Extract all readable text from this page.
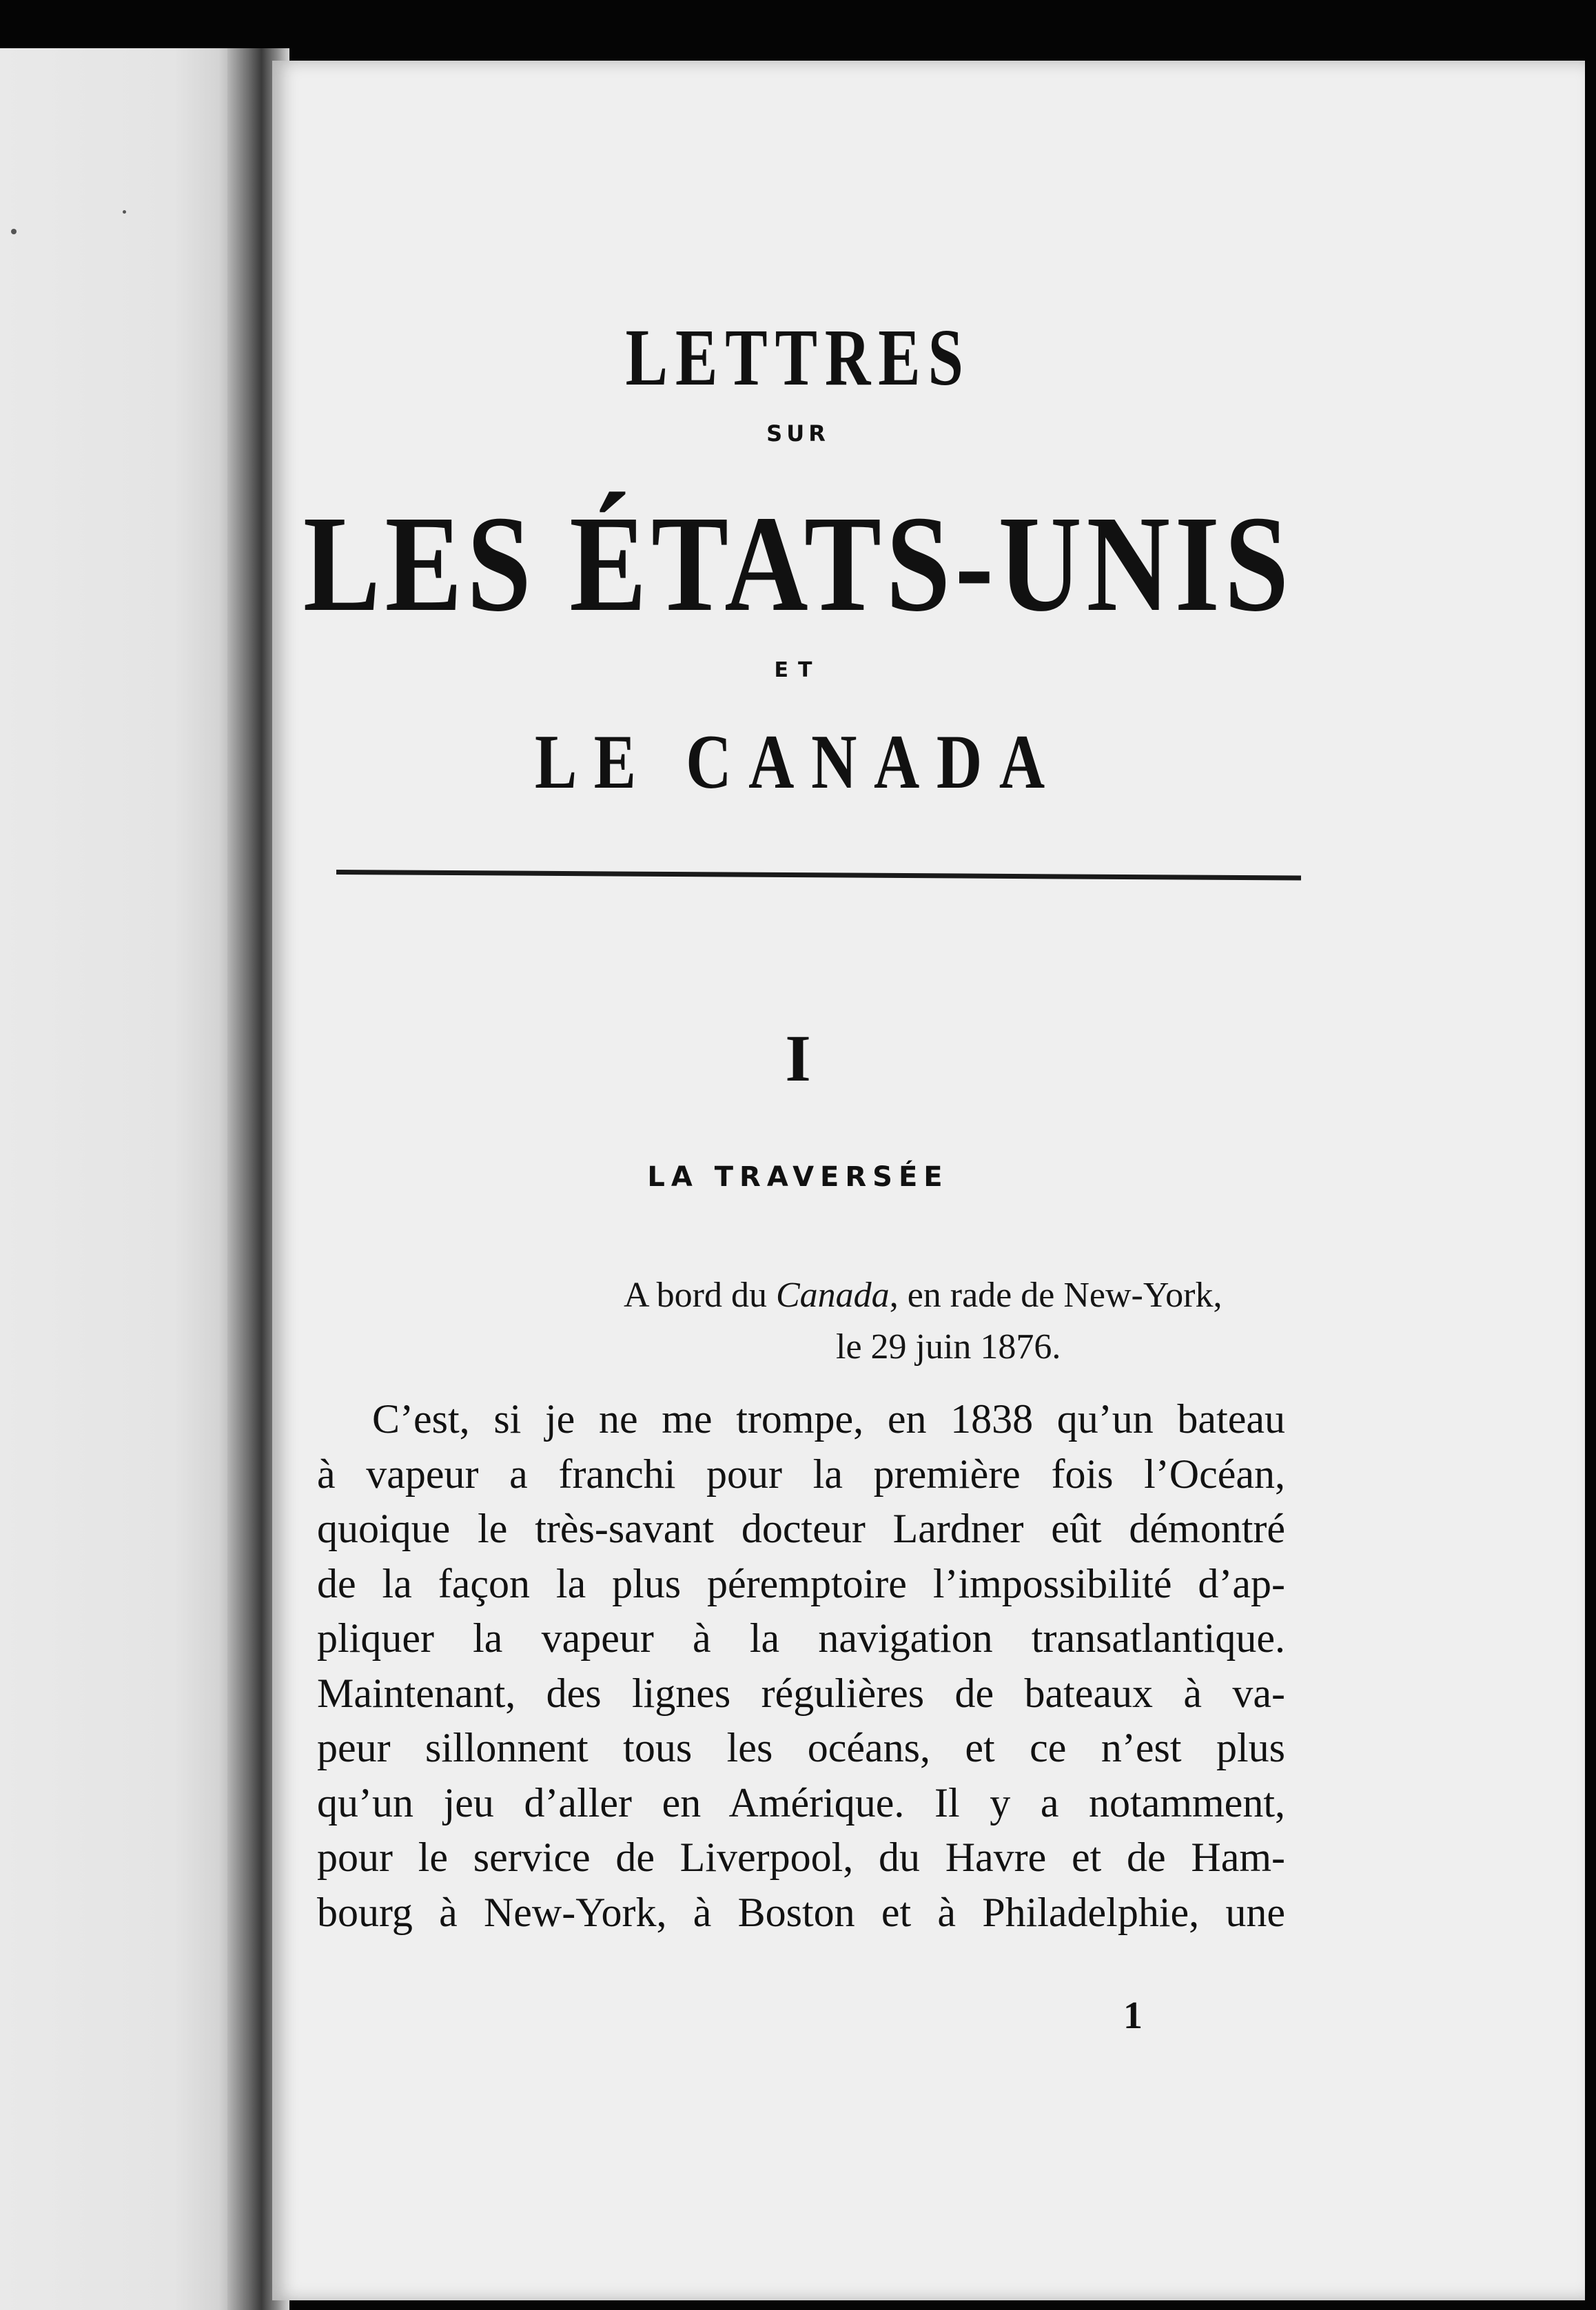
LETTRES
SUR
LES ÉTATS-UNIS
ET
LE CANADA
I
LA TRAVERSÉE
A bord du Canada, en rade de New-York,
le 29 juin 1876.
C’est, si je ne me trompe, en 1838 qu’un bateau
à vapeur a franchi pour la première fois l’Océan,
quoique le très-savant docteur Lardner eût démontré
de la façon la plus péremptoire l’impossibilité d’ap-
pliquer la vapeur à la navigation transatlantique.
Maintenant, des lignes régulières de bateaux à va-
peur sillonnent tous les océans, et ce n’est plus
qu’un jeu d’aller en Amérique. Il y a notamment,
pour le service de Liverpool, du Havre et de Ham-
bourg à New-York, à Boston et à Philadelphie, une
1
